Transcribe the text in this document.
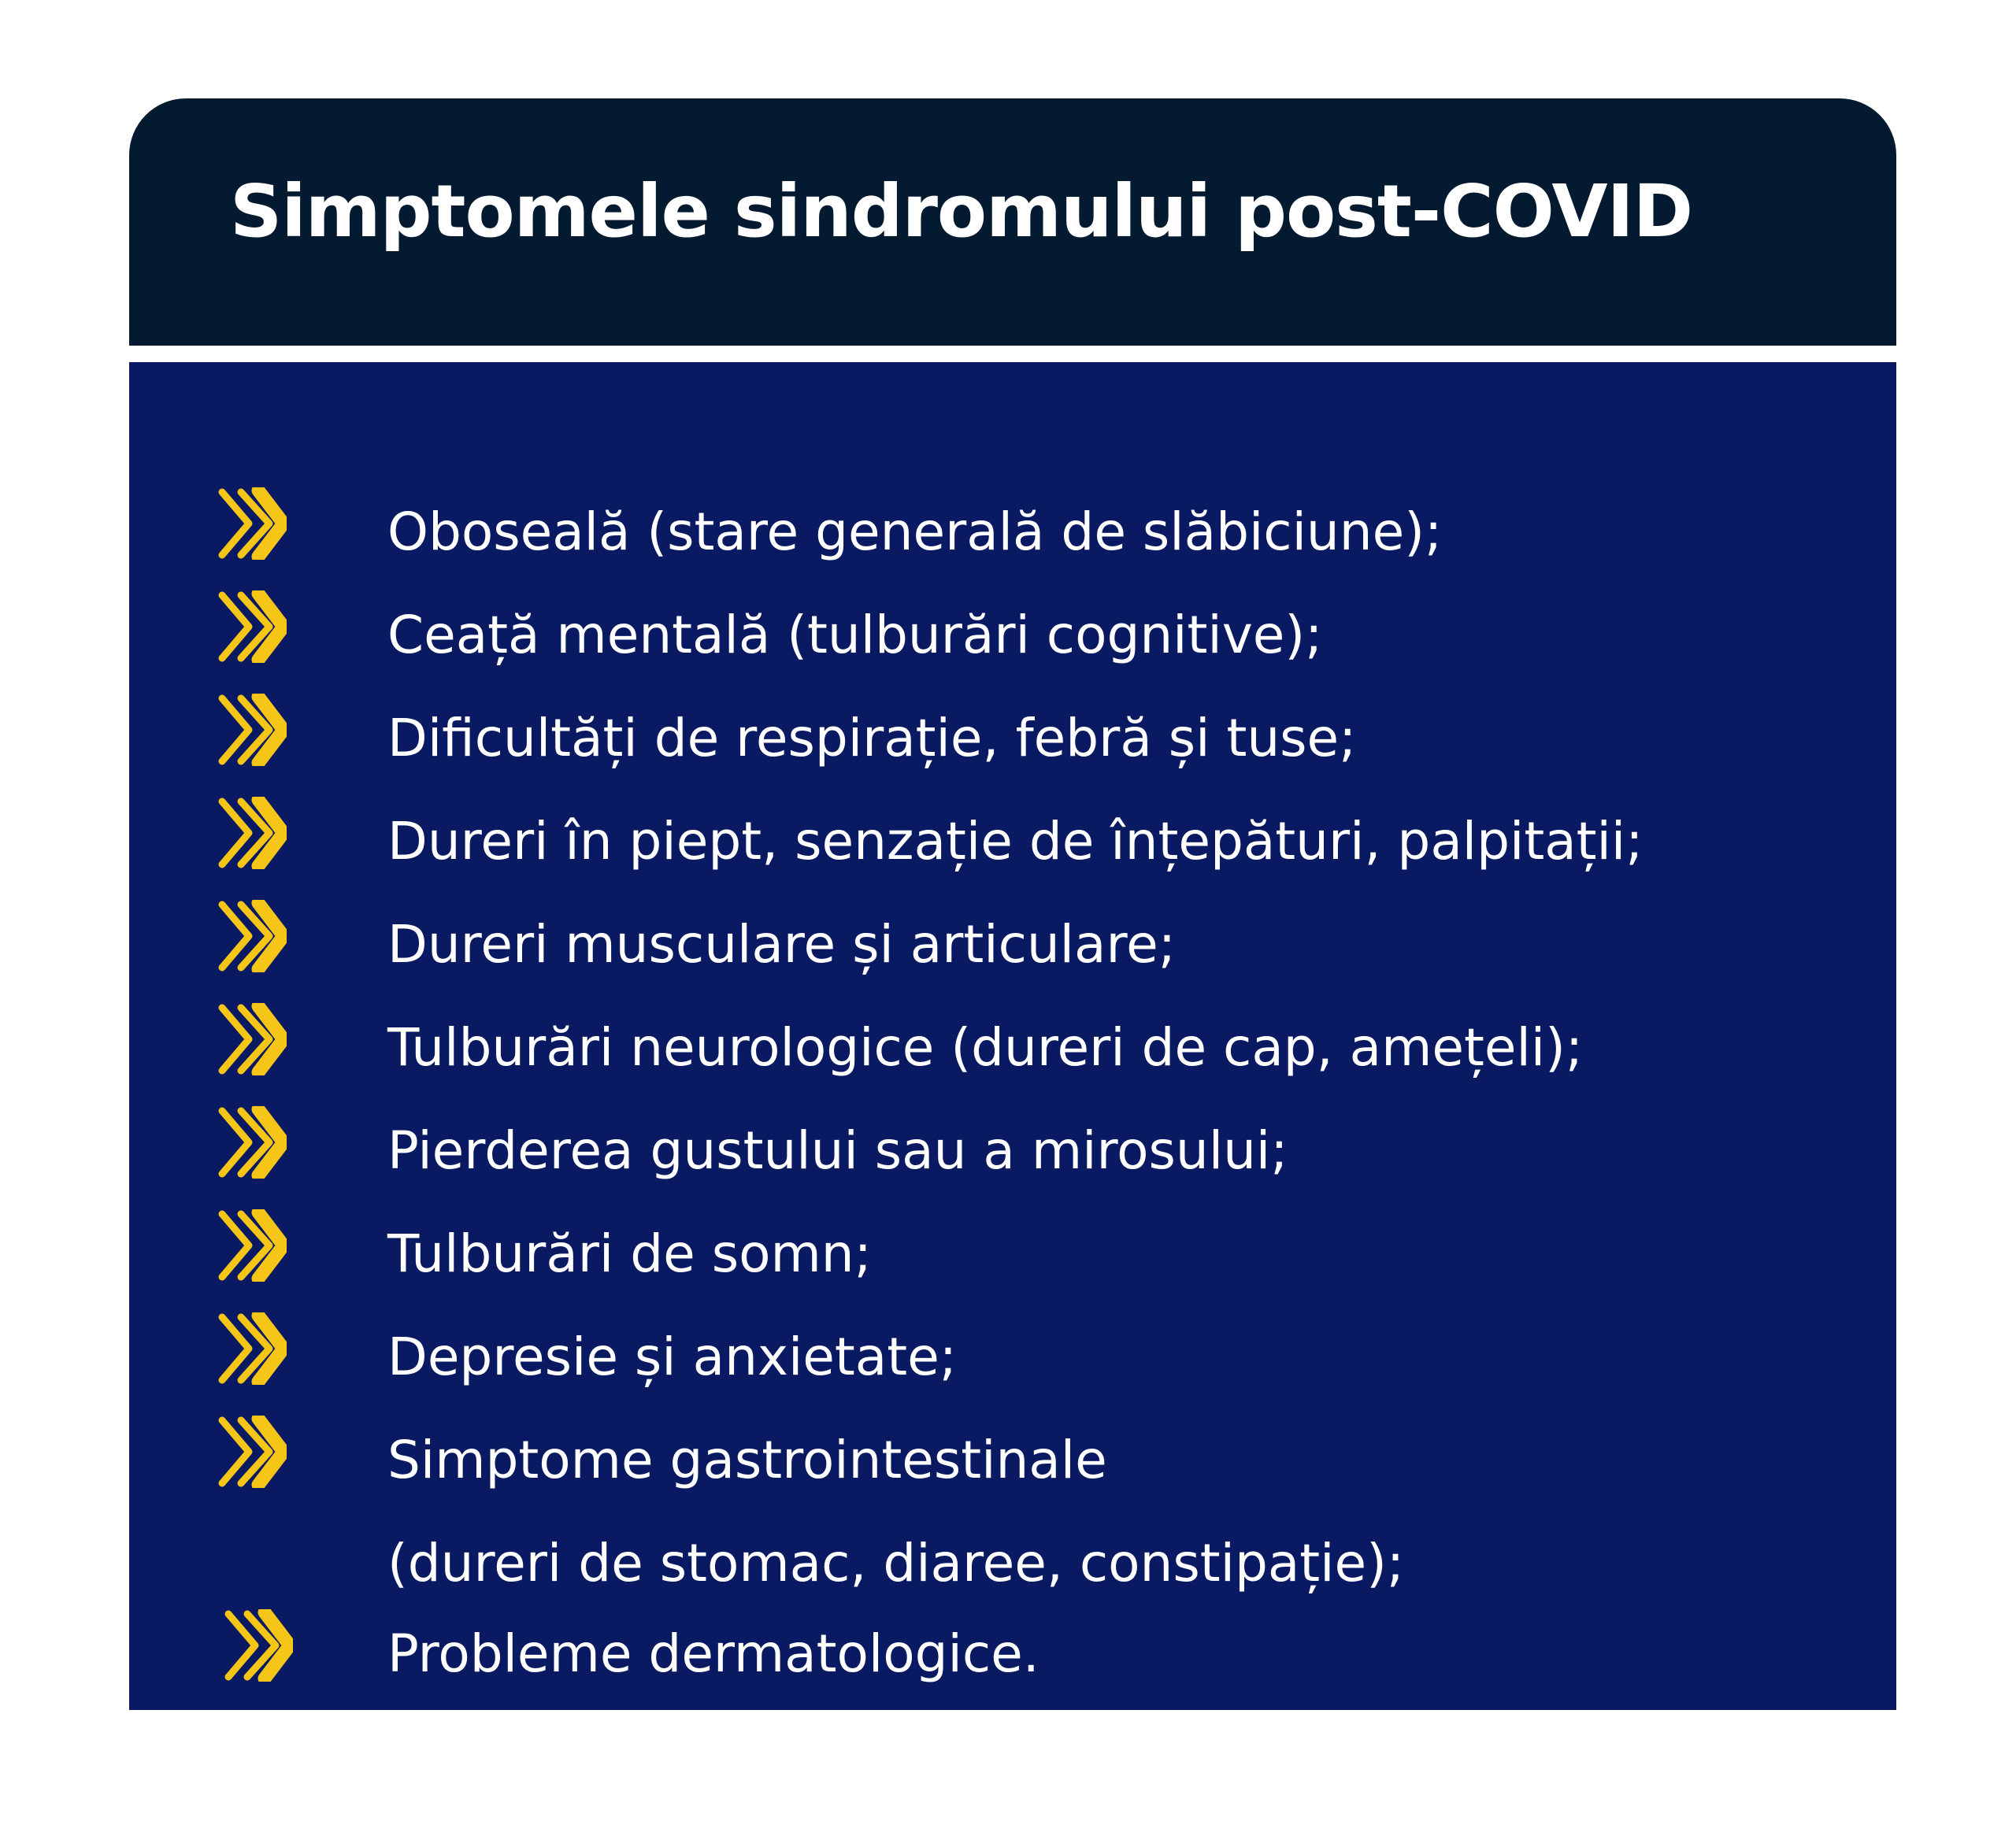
Simptomele sindromului post-COVID
Oboseală (stare generală de slăbiciune);
Ceață mentală (tulburări cognitive);
Dificultăți de respirație, febră și tuse;
Dureri în piept, senzație de înțepături, palpitații;
Dureri musculare și articulare;
Tulburări neurologice (dureri de cap, amețeli);
Pierderea gustului sau a mirosului;
Tulburări de somn;
Depresie și anxietate;
Simptome gastrointestinale
(dureri de stomac, diaree, constipație);
Probleme dermatologice.
